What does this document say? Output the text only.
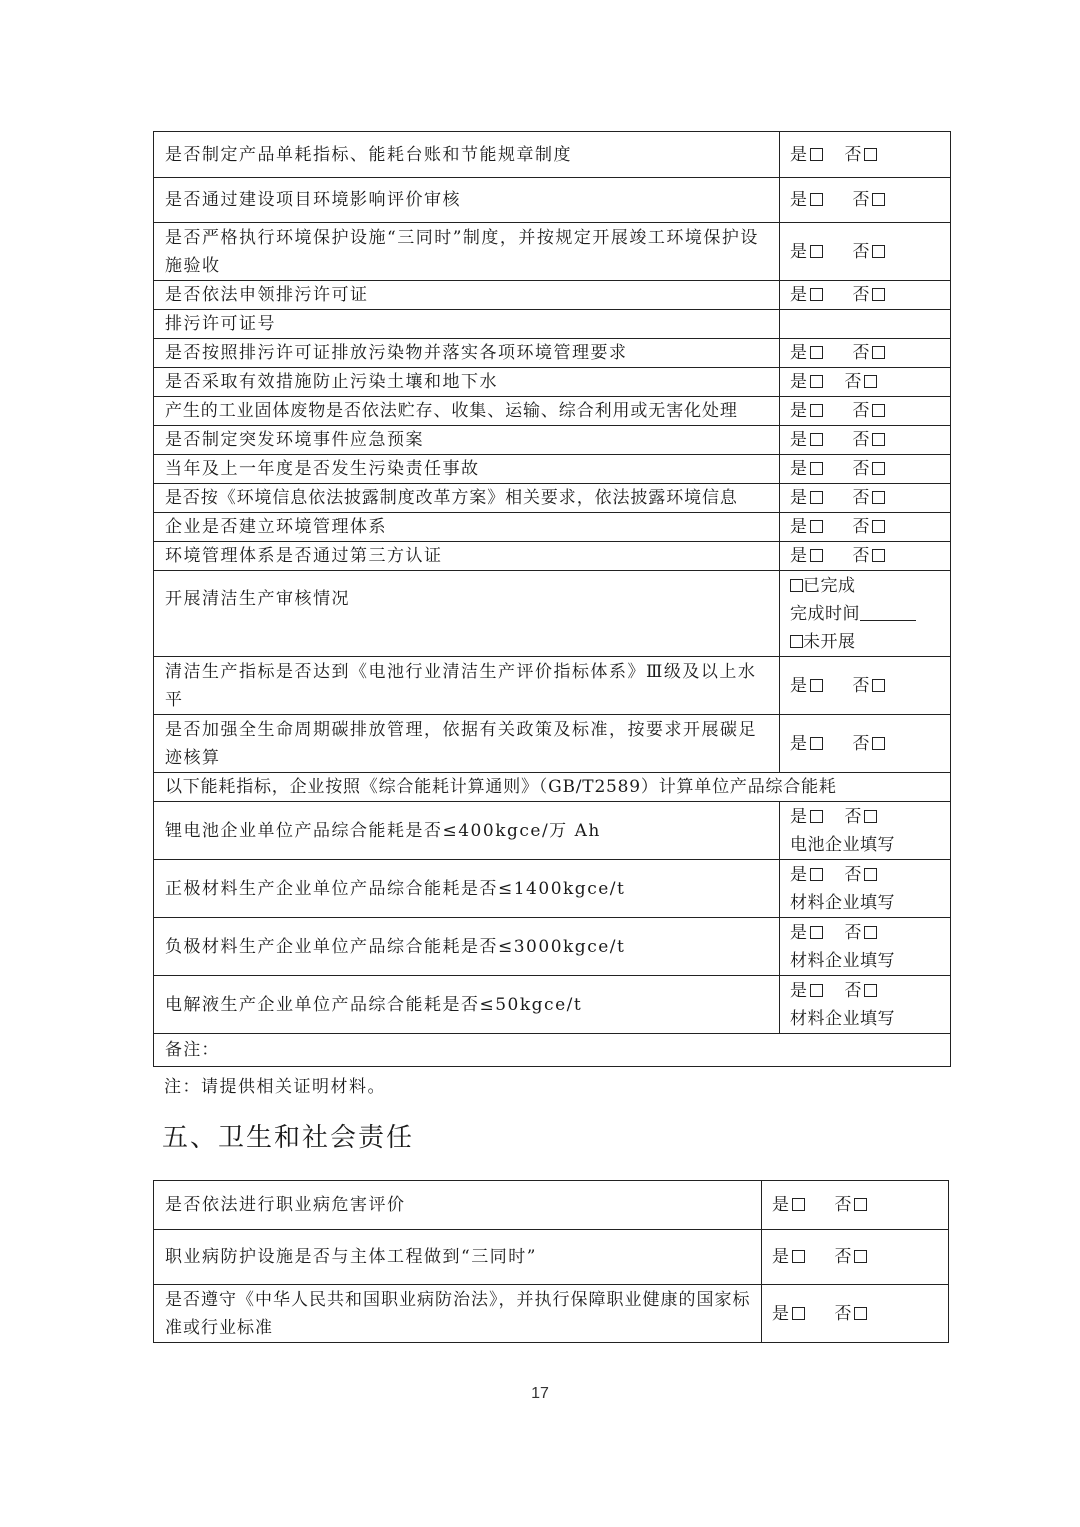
是否制定产品单耗指标、能耗台账和节能规章制度	是 否
是否通过建设项目环境影响评价审核	是 否
是否严格执行环境保护设施“三同时”制度，并按规定开展竣工环境保护设施验收	是 否
是否依法申领排污许可证	是 否
排污许可证号	
是否按照排污许可证排放污染物并落实各项环境管理要求	是 否
是否采取有效措施防止污染土壤和地下水	是 否
产生的工业固体废物是否依法贮存、收集、运输、综合利用或无害化处理	是 否
是否制定突发环境事件应急预案	是 否
当年及上一年度是否发生污染责任事故	是 否
是否按《环境信息依法披露制度改革方案》相关要求，依法披露环境信息	是 否
企业是否建立环境管理体系	是 否
环境管理体系是否通过第三方认证	是 否
开展清洁生产审核情况	已完成
完成时间
未开展

清洁生产指标是否达到《电池行业清洁生产评价指标体系》Ⅲ级及以上水平	是 否
是否加强全生命周期碳排放管理，依据有关政策及标准，按要求开展碳足迹核算	是 否
以下能耗指标，企业按照《综合能耗计算通则》（GB/T2589）计算单位产品综合能耗	
锂电池企业单位产品综合能耗是否≤400kgce/万 Ah	是 否
电池企业填写

正极材料生产企业单位产品综合能耗是否≤1400kgce/t	是 否
材料企业填写

负极材料生产企业单位产品综合能耗是否≤3000kgce/t	是 否
材料企业填写

电解液生产企业单位产品综合能耗是否≤50kgce/t	是 否
材料企业填写

备注：	
注：请提供相关证明材料。
五、卫生和社会责任
是否依法进行职业病危害评价	是 否
职业病防护设施是否与主体工程做到“三同时”	是 否
是否遵守《中华人民共和国职业病防治法》，并执行保障职业健康的国家标准或行业标准	是 否
17
